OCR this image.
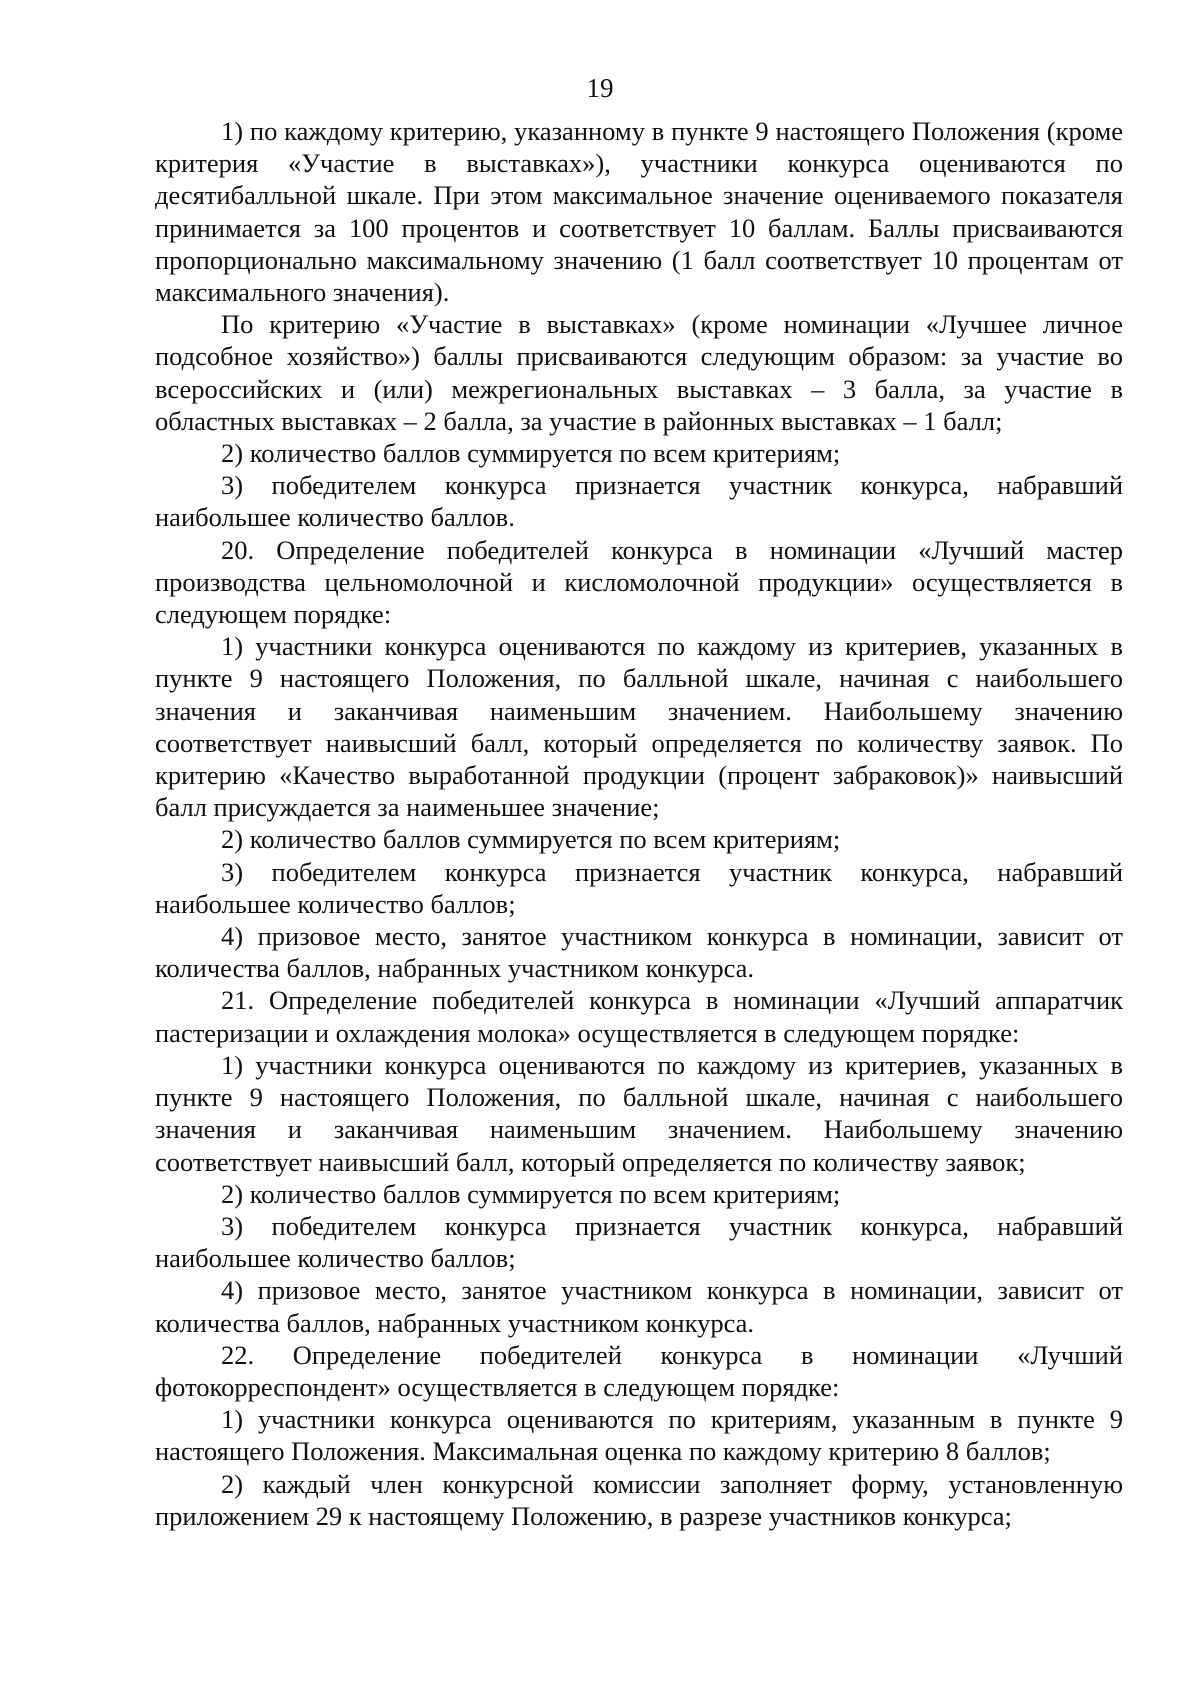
19

1) по каждому критерию, указанному в пункте 9 настоящего Положения (кроме критерия «Участие в выставках»), участники конкурса оцениваются по десятибалльной шкале. При этом максимальное значение оцениваемого показателя принимается за 100 процентов и соответствует 10 баллам. Баллы присваиваются пропорционально максимальному значению (1 балл соответствует 10 процентам от максимального значения).

По критерию «Участие в выставках» (кроме номинации «Лучшее личное подсобное хозяйство») баллы присваиваются следующим образом: за участие во всероссийских и (или) межрегиональных выставках – 3 балла, за участие в областных выставках – 2 балла, за участие в районных выставках – 1 балл;

2) количество баллов суммируется по всем критериям;

3) победителем конкурса признается участник конкурса, набравший наибольшее количество баллов.

20. Определение победителей конкурса в номинации «Лучший мастер производства цельномолочной и кисломолочной продукции» осуществляется в следующем порядке:

1) участники конкурса оцениваются по каждому из критериев, указанных в пункте 9 настоящего Положения, по балльной шкале, начиная с наибольшего значения и заканчивая наименьшим значением. Наибольшему значению соответствует наивысший балл, который определяется по количеству заявок. По критерию «Качество выработанной продукции (процент забраковок)» наивысший балл присуждается за наименьшее значение;

2) количество баллов суммируется по всем критериям;

3) победителем конкурса признается участник конкурса, набравший наибольшее количество баллов;

4) призовое место, занятое участником конкурса в номинации, зависит от количества баллов, набранных участником конкурса.

21. Определение победителей конкурса в номинации «Лучший аппаратчик пастеризации и охлаждения молока» осуществляется в следующем порядке:

1) участники конкурса оцениваются по каждому из критериев, указанных в пункте 9 настоящего Положения, по балльной шкале, начиная с наибольшего значения и заканчивая наименьшим значением. Наибольшему значению соответствует наивысший балл, который определяется по количеству заявок;

2) количество баллов суммируется по всем критериям;

3) победителем конкурса признается участник конкурса, набравший наибольшее количество баллов;

4) призовое место, занятое участником конкурса в номинации, зависит от количества баллов, набранных участником конкурса.

22. Определение победителей конкурса в номинации «Лучший фотокорреспондент» осуществляется в следующем порядке:

1) участники конкурса оцениваются по критериям, указанным в пункте 9 настоящего Положения. Максимальная оценка по каждому критерию 8 баллов;

2) каждый член конкурсной комиссии заполняет форму, установленную приложением 29 к настоящему Положению, в разрезе участников конкурса;
